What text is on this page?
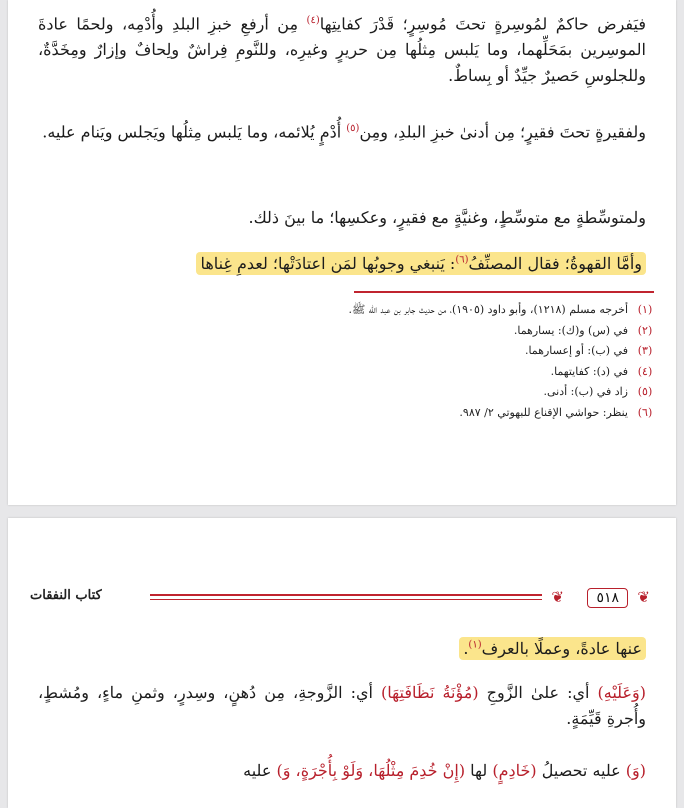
فيَفرض حاكمٌ لمُوسِرةٍ تحتَ مُوسِرٍ؛ قَدْرَ كفايتِها$^{(٤)}$ مِن أرفعِ خبزِ البلدِ وأُدْمِه، ولحمًا عادةَ الموسِرين بمَحَلِّهما، وما يَلبس مِثلُها مِن حريرٍ وغيرِه، وللنَّومِ فِراشٌ ولِحافٌ وإزارٌ ومِخَدَّةٌ، وللجلوسِ حَصيرٌ جيِّدٌ أو بِساطٌ.
ولفقيرةٍ تحتَ فقيرٍ؛ مِن أدنىٰ خبزِ البلدِ، ومِن$^{(٥)}$ أُدْمٍ يُلائمه، وما يَلبس مِثلُها ويَجلس ويَنام عليه.
ولمتوسِّطةٍ مع متوسِّطٍ، وغنيَّةٍ مع فقيرٍ، وعكسِها؛ ما بينَ ذلك.
وأمَّا القهوةُ؛ فقال المصنِّفُ$^{(٦)}$: يَنبغي وجوبُها لمَن اعتادَتْها؛ لعدمِ غِناها
(١)
أخرجه مسلم (١٢١٨)، وأبو داود (١٩٠٥)، من حديث جابر بن عبد الله ﷺ.
(٢)
في (س) و(ك): يسارهما.
(٣)
في (ب): أو إعسارهما.
(٤)
في (د): كفايتهما.
(٥)
زاد في (ب): أدنى.
(٦)
ينظر: حواشي الإقناع للبهوتي ٢/ ٩٨٧.
❦
٥١٨
❦
كتاب النفقات
عنها عادةً، وعملًا بالعرف$^{(١)}$.
(وَعَلَيْهِ) أي: علىٰ الزَّوجِ (مُؤْنَةُ نَظَافَتِهَا) أي: الزَّوجةِ، مِن دُهنٍ، وسِدرٍ، وثمنِ ماءٍ، ومُشطٍ، وأُجرةِ قَيِّمَةٍ.
(وَ) عليه تحصيلُ (خَادِمٍ) لها (إِنْ خُدِمَ مِثْلُهَا، وَلَوْ بِأُجْرَةٍ، وَ) عليه
